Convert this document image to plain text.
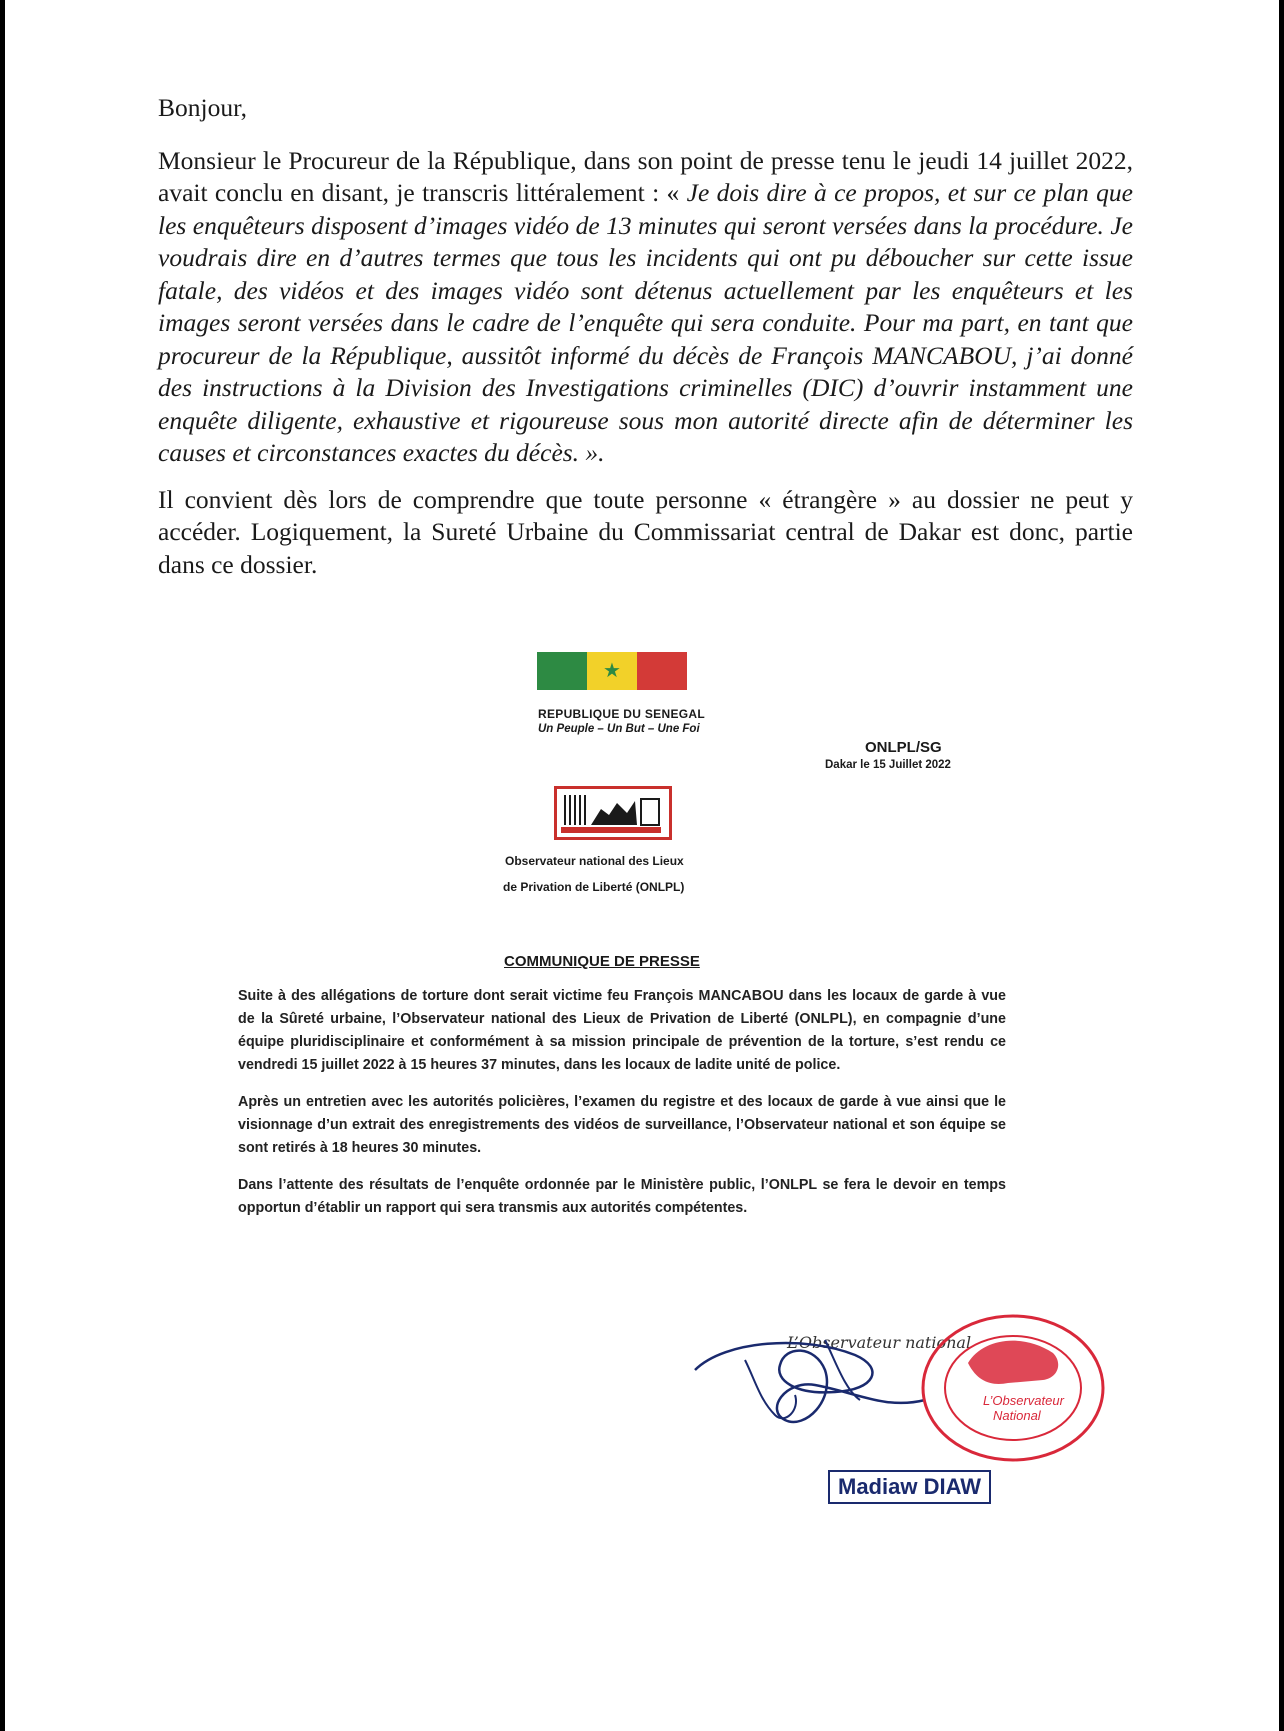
Bonjour,

Monsieur le Procureur de la République, dans son point de presse tenu le jeudi 14 juillet 2022, avait conclu en disant, je transcris littéralement : « Je dois dire à ce propos, et sur ce plan que les enquêteurs disposent d’images vidéo de 13 minutes qui seront versées dans la procédure. Je voudrais dire en d’autres termes que tous les incidents qui ont pu déboucher sur cette issue fatale, des vidéos et des images vidéo sont détenus actuellement par les enquêteurs et les images seront versées dans le cadre de l’enquête qui sera conduite. Pour ma part, en tant que procureur de la République, aussitôt informé du décès de François MANCABOU, j’ai donné des instructions à la Division des Investigations criminelles (DIC) d’ouvrir instamment une enquête diligente, exhaustive et rigoureuse sous mon autorité directe afin de déterminer les causes et circonstances exactes du décès. ».

Il convient dès lors de comprendre que toute personne « étrangère » au dossier ne peut y accéder. Logiquement, la Sureté Urbaine du Commissariat central de Dakar est donc, partie dans ce dossier.

★
REPUBLIQUE DU SENEGAL
Un Peuple – Un But – Une Foi
ONLPL/SG
Dakar le 15 Juillet 2022
Observateur national des Lieux
de Privation de Liberté (ONLPL)
COMMUNIQUE DE PRESSE

Suite à des allégations de torture dont serait victime feu François MANCABOU dans les locaux de garde à vue de la Sûreté urbaine, l’Observateur national des Lieux de Privation de Liberté (ONLPL), en compagnie d’une équipe pluridisciplinaire et conformément à sa mission principale de prévention de la torture, s’est rendu ce vendredi 15 juillet 2022 à 15 heures 37 minutes, dans les locaux de ladite unité de police.

Après un entretien avec les autorités policières, l’examen du registre et des locaux de garde à vue ainsi que le visionnage d’un extrait des enregistrements des vidéos de surveillance, l’Observateur national et son équipe se sont retirés à 18 heures 30 minutes.

Dans l’attente des résultats de l’enquête ordonnée par le Ministère public, l’ONLPL se fera le devoir en temps opportun d’établir un rapport qui sera transmis aux autorités compétentes.

L’Observateur national
L’Observateur
National
Madiaw DIAW
